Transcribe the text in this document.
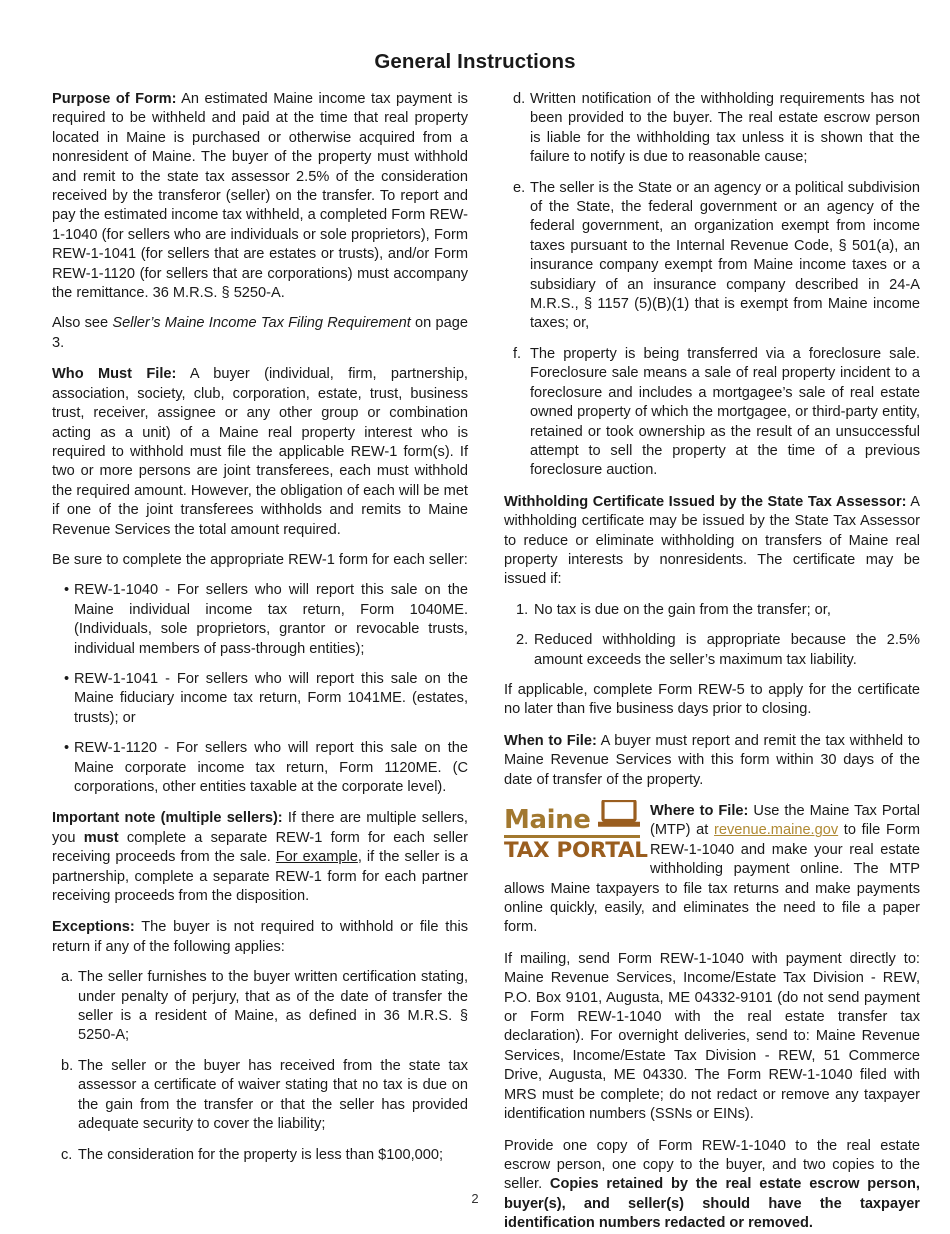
General Instructions

Purpose of Form: An estimated Maine income tax payment is required to be withheld and paid at the time that real property located in Maine is purchased or otherwise acquired from a nonresident of Maine. The buyer of the property must withhold and remit to the state tax assessor 2.5% of the consideration received by the transferor (seller) on the transfer. To report and pay the estimated income tax withheld, a completed Form REW-1-1040 (for sellers who are individuals or sole proprietors), Form REW-1-1041 (for sellers that are estates or trusts), and/or Form REW-1-1120 (for sellers that are corporations) must accompany the remittance. 36 M.R.S. § 5250-A.

Also see Seller’s Maine Income Tax Filing Requirement on page 3.

Who Must File: A buyer (individual, firm, partnership, association, society, club, corporation, estate, trust, business trust, receiver, assignee or any other group or combination acting as a unit) of a Maine real property interest who is required to withhold must file the applicable REW-1 form(s). If two or more persons are joint transferees, each must withhold the required amount. However, the obligation of each will be met if one of the joint transferees withholds and remits to Maine Revenue Services the total amount required.

Be sure to complete the appropriate REW-1 form for each seller:

• REW-1-1040 - For sellers who will report this sale on the Maine individual income tax return, Form 1040ME. (Individuals, sole proprietors, grantor or revocable trusts, individual members of pass-through entities);
• REW-1-1041 - For sellers who will report this sale on the Maine fiduciary income tax return, Form 1041ME. (estates, trusts); or
• REW-1-1120 - For sellers who will report this sale on the Maine corporate income tax return, Form 1120ME. (C corporations, other entities taxable at the corporate level).

Important note (multiple sellers): If there are multiple sellers, you must complete a separate REW-1 form for each seller receiving proceeds from the sale. For example, if the seller is a partnership, complete a separate REW-1 form for each partner receiving proceeds from the disposition.

Exceptions: The buyer is not required to withhold or file this return if any of the following applies:

a. The seller furnishes to the buyer written certification stating, under penalty of perjury, that as of the date of transfer the seller is a resident of Maine, as defined in 36 M.R.S. § 5250-A;
b. The seller or the buyer has received from the state tax assessor a certificate of waiver stating that no tax is due on the gain from the transfer or that the seller has provided adequate security to cover the liability;
c. The consideration for the property is less than $100,000;
d. Written notification of the withholding requirements has not been provided to the buyer. The real estate escrow person is liable for the withholding tax unless it is shown that the failure to notify is due to reasonable cause;
e. The seller is the State or an agency or a political subdivision of the State, the federal government or an agency of the federal government, an organization exempt from income taxes pursuant to the Internal Revenue Code, § 501(a), an insurance company exempt from Maine income taxes or a subsidiary of an insurance company described in 24-A M.R.S., § 1157 (5)(B)(1) that is exempt from Maine income taxes; or,
f. The property is being transferred via a foreclosure sale. Foreclosure sale means a sale of real property incident to a foreclosure and includes a mortgagee’s sale of real estate owned property of which the mortgagee, or third-party entity, retained or took ownership as the result of an unsuccessful attempt to sell the property at the time of a previous foreclosure auction.

Withholding Certificate Issued by the State Tax Assessor: A withholding certificate may be issued by the State Tax Assessor to reduce or eliminate withholding on transfers of Maine real property interests by nonresidents. The certificate may be issued if:

1. No tax is due on the gain from the transfer; or,
2. Reduced withholding is appropriate because the 2.5% amount exceeds the seller’s maximum tax liability.

If applicable, complete Form REW-5 to apply for the certificate no later than five business days prior to closing.

When to File: A buyer must report and remit the tax withheld to Maine Revenue Services with this form within 30 days of the date of transfer of the property.

Maine
TAX PORTAL

Where to File: Use the Maine Tax Portal (MTP) at revenue.maine.gov to file Form REW-1-1040 and make your real estate withholding payment online. The MTP allows Maine taxpayers to file tax returns and make payments online quickly, easily, and eliminates the need to file a paper form.

If mailing, send Form REW-1-1040 with payment directly to: Maine Revenue Services, Income/Estate Tax Division - REW, P.O. Box 9101, Augusta, ME 04332-9101 (do not send payment or Form REW-1-1040 with the real estate transfer tax declaration). For overnight deliveries, send to: Maine Revenue Services, Income/Estate Tax Division - REW, 51 Commerce Drive, Augusta, ME 04330. The Form REW-1-1040 filed with MRS must be complete; do not redact or remove any taxpayer identification numbers (SSNs or EINs).

Provide one copy of Form REW-1-1040 to the real estate escrow person, one copy to the buyer, and two copies to the seller. Copies retained by the real estate escrow person, buyer(s), and seller(s) should have the taxpayer identification numbers redacted or removed.

2
